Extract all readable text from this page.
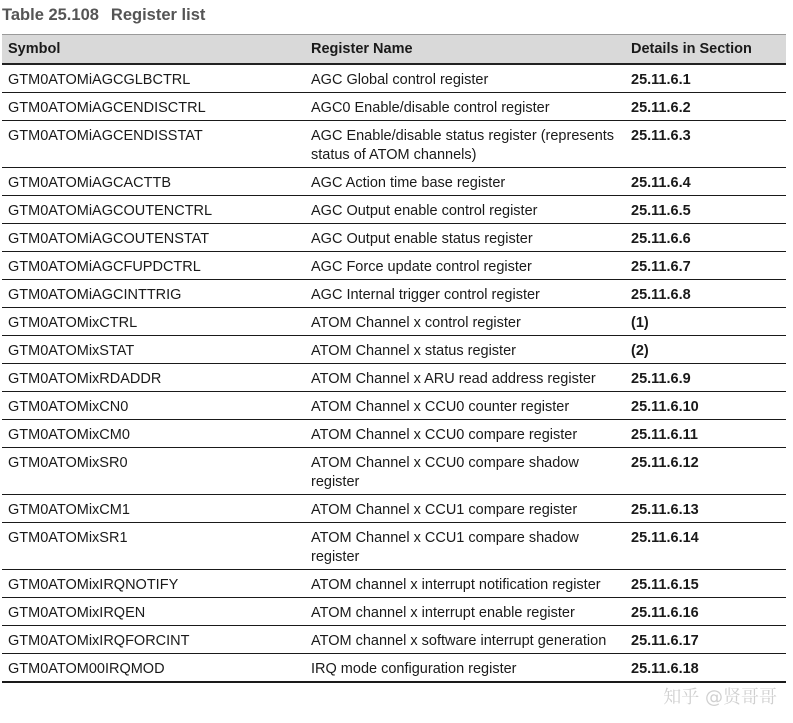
Table 25.108 Register list
Symbol	Register Name	Details in Section
GTM0ATOMiAGCGLBCTRL	AGC Global control register	25.11.6.1
GTM0ATOMiAGCENDISCTRL	AGC0 Enable/disable control register	25.11.6.2
GTM0ATOMiAGCENDISSTAT	AGC Enable/disable status register (represents status of ATOM channels)	25.11.6.3
GTM0ATOMiAGCACTTB	AGC Action time base register	25.11.6.4
GTM0ATOMiAGCOUTENCTRL	AGC Output enable control register	25.11.6.5
GTM0ATOMiAGCOUTENSTAT	AGC Output enable status register	25.11.6.6
GTM0ATOMiAGCFUPDCTRL	AGC Force update control register	25.11.6.7
GTM0ATOMiAGCINTTRIG	AGC Internal trigger control register	25.11.6.8
GTM0ATOMixCTRL	ATOM Channel x control register	(1)
GTM0ATOMixSTAT	ATOM Channel x status register	(2)
GTM0ATOMixRDADDR	ATOM Channel x ARU read address register	25.11.6.9
GTM0ATOMixCN0	ATOM Channel x CCU0 counter register	25.11.6.10
GTM0ATOMixCM0	ATOM Channel x CCU0 compare register	25.11.6.11
GTM0ATOMixSR0	ATOM Channel x CCU0 compare shadow register	25.11.6.12
GTM0ATOMixCM1	ATOM Channel x CCU1 compare register	25.11.6.13
GTM0ATOMixSR1	ATOM Channel x CCU1 compare shadow register	25.11.6.14
GTM0ATOMixIRQNOTIFY	ATOM channel x interrupt notification register	25.11.6.15
GTM0ATOMixIRQEN	ATOM channel x interrupt enable register	25.11.6.16
GTM0ATOMixIRQFORCINT	ATOM channel x software interrupt generation	25.11.6.17
GTM0ATOM00IRQMOD	IRQ mode configuration register	25.11.6.18
知乎 @贤哥哥
